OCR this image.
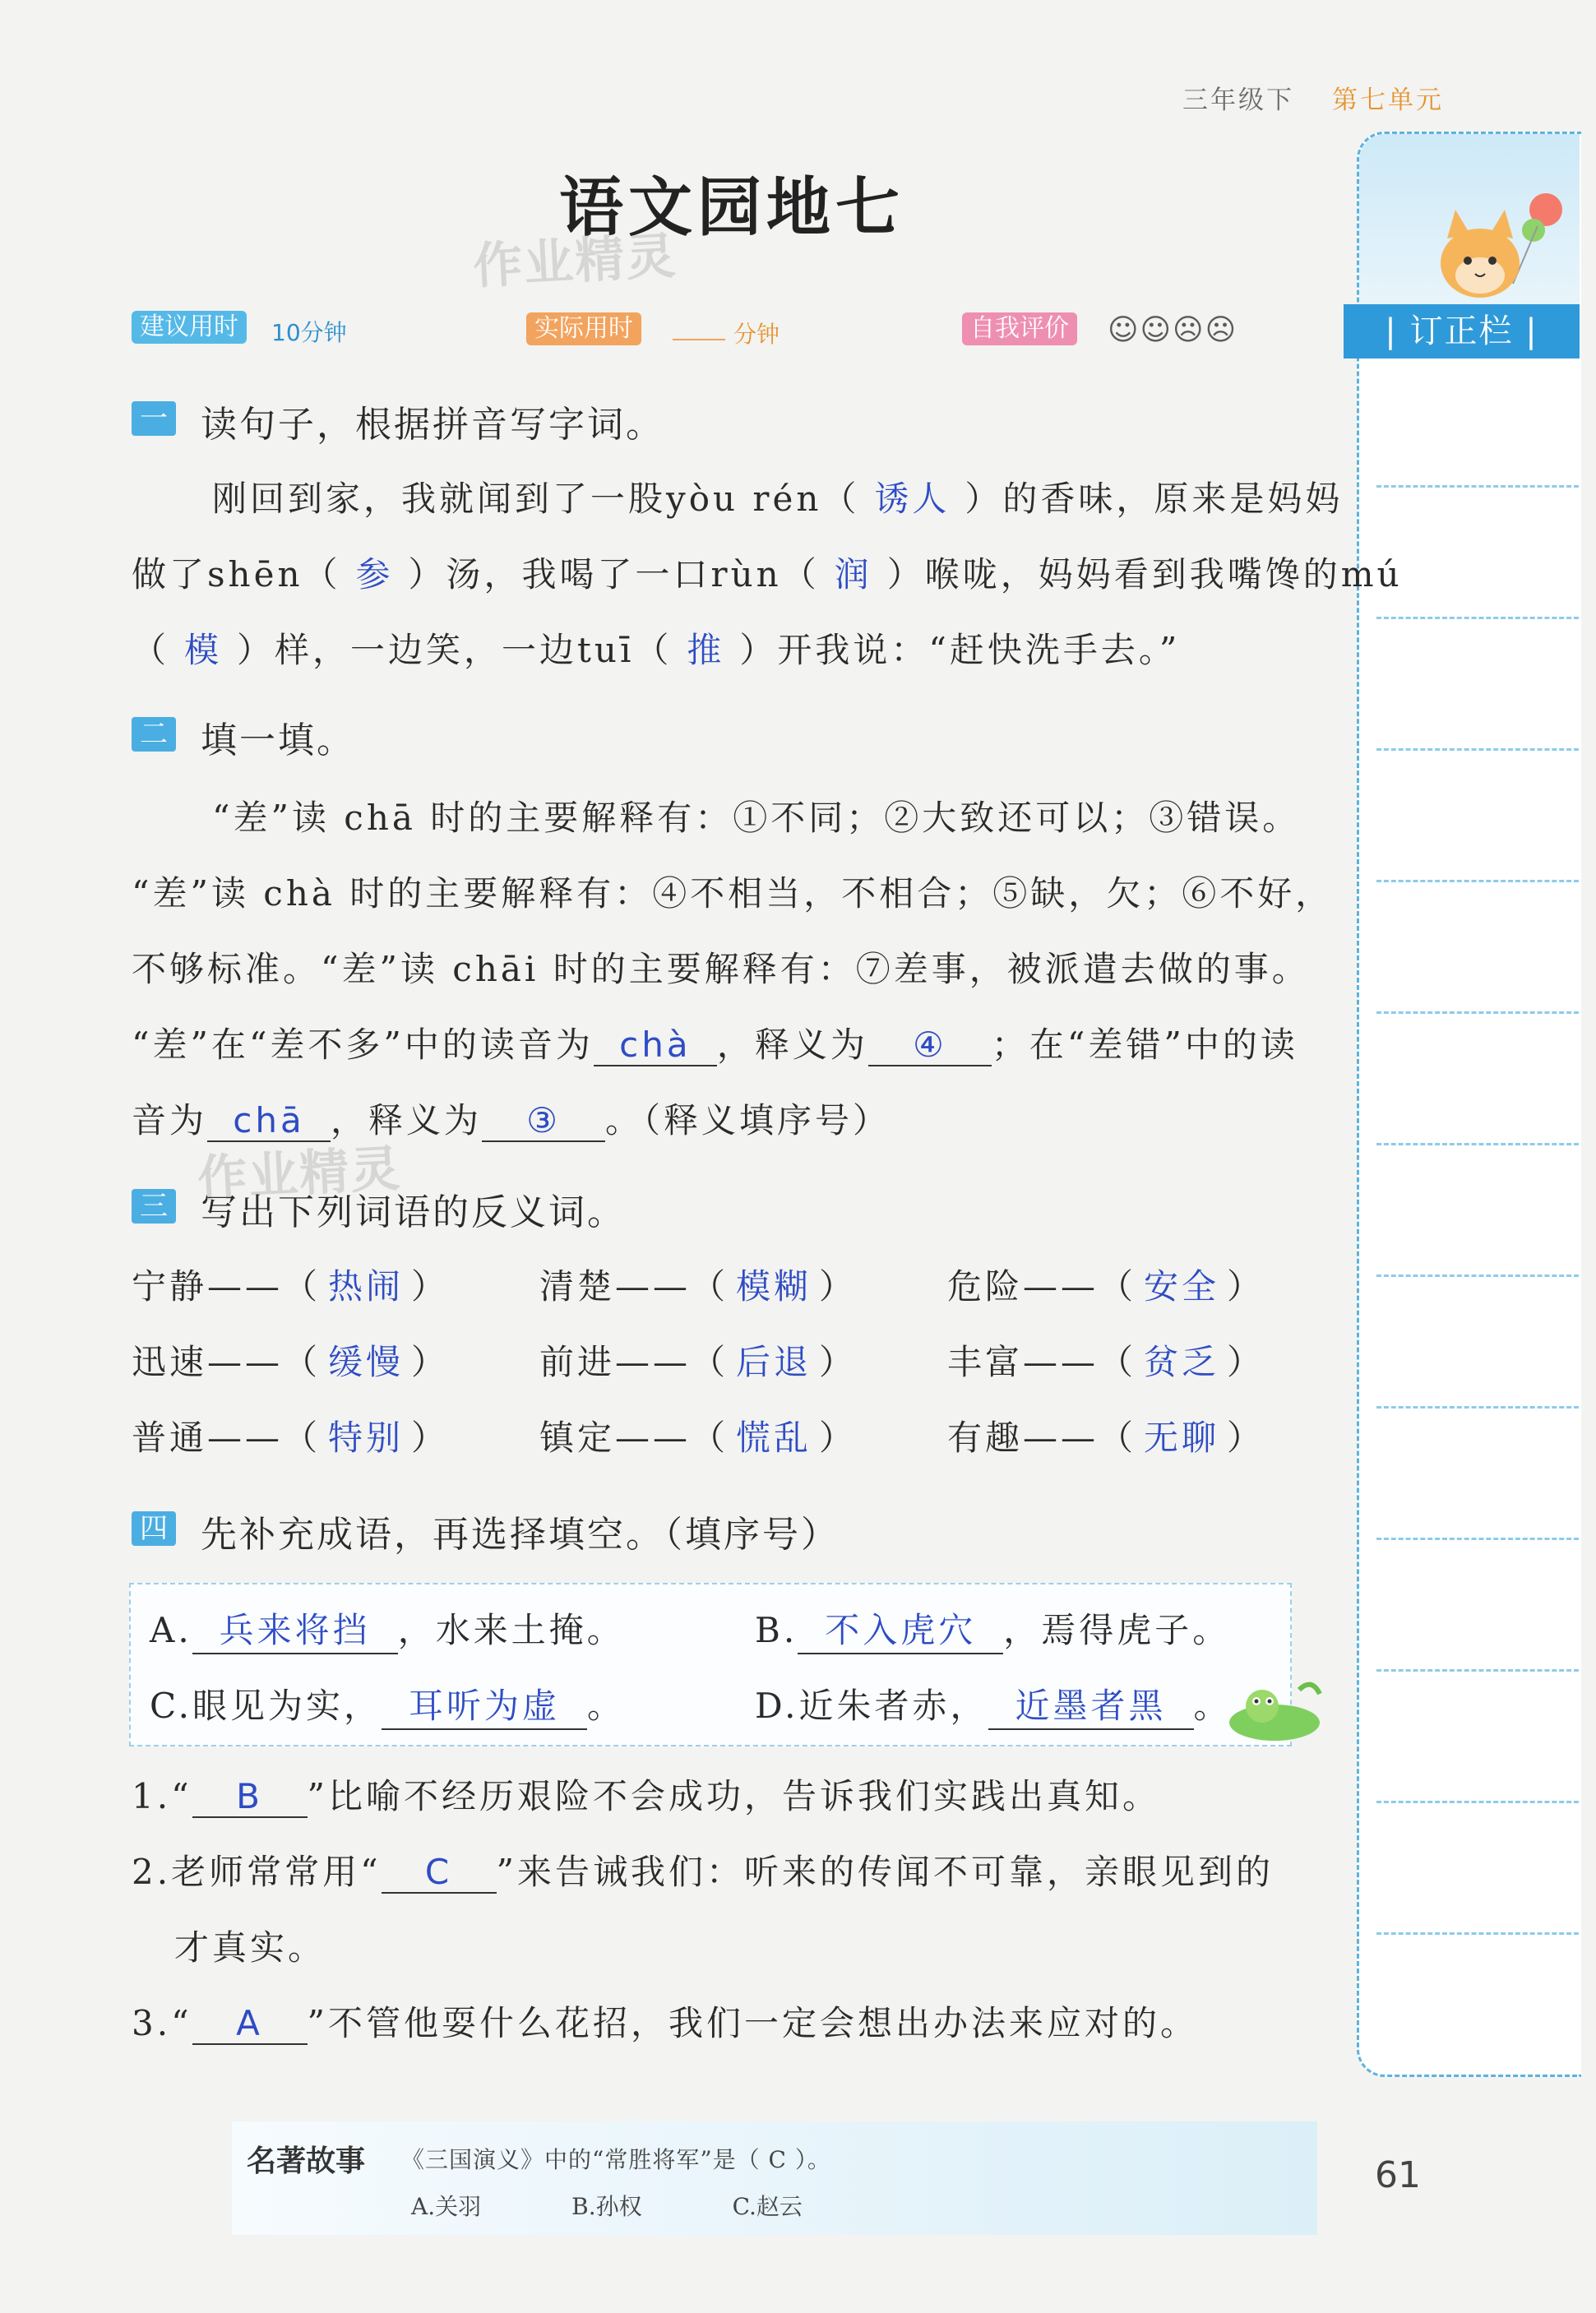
| 订正栏 |
三年级下 第七单元
语文园地七
作业精灵
作业精灵
建议用时	10分钟	实际用时	分钟	自我评价 ☺☺☹☹
一 读句子，根据拼音写字词。
刚回到家，我就闻到了一股yòu rén（ 诱人 ）的香味，原来是妈妈
做了shēn（ 参 ）汤，我喝了一口rùn（ 润 ）喉咙，妈妈看到我嘴馋的mú
（ 模 ）样，一边笑，一边tuī（ 推 ）开我说：“赶快洗手去。”
二 填一填。
“差”读 chā 时的主要解释有：①不同；②大致还可以；③错误。
“差”读 chà 时的主要解释有：④不相当，不相合；⑤缺，欠；⑥不好，
不够标准。“差”读 chāi 时的主要解释有：⑦差事，被派遣去做的事。
“差”在“差不多”中的读音为 chà ，释义为 ④ ；在“差错”中的读
音为 chā ，释义为 ③ 。（释义填序号）
三 写出下列词语的反义词。
宁静——（ 热闹 ）	清楚——（ 模糊 ）	危险——（ 安全 ）
迅速——（ 缓慢 ）	前进——（ 后退 ）	丰富——（ 贫乏 ）
普通——（ 特别 ）	镇定——（ 慌乱 ）	有趣——（ 无聊 ）
四 先补充成语，再选择填空。（填序号）
A. 兵来将挡 ，水来土掩。	B. 不入虎穴 ，焉得虎子。
C.眼见为实， 耳听为虚 。	D.近朱者赤， 近墨者黑 。
1.“ B ”比喻不经历艰险不会成功，告诉我们实践出真知。
2.老师常常用“ C ”来告诫我们：听来的传闻不可靠，亲眼见到的
才真实。
3.“ A ”不管他耍什么花招，我们一定会想出办法来应对的。
名著故事 《三国演义》中的“常胜将军”是（ C ）。
A.关羽	B.孙权	C.赵云
61
